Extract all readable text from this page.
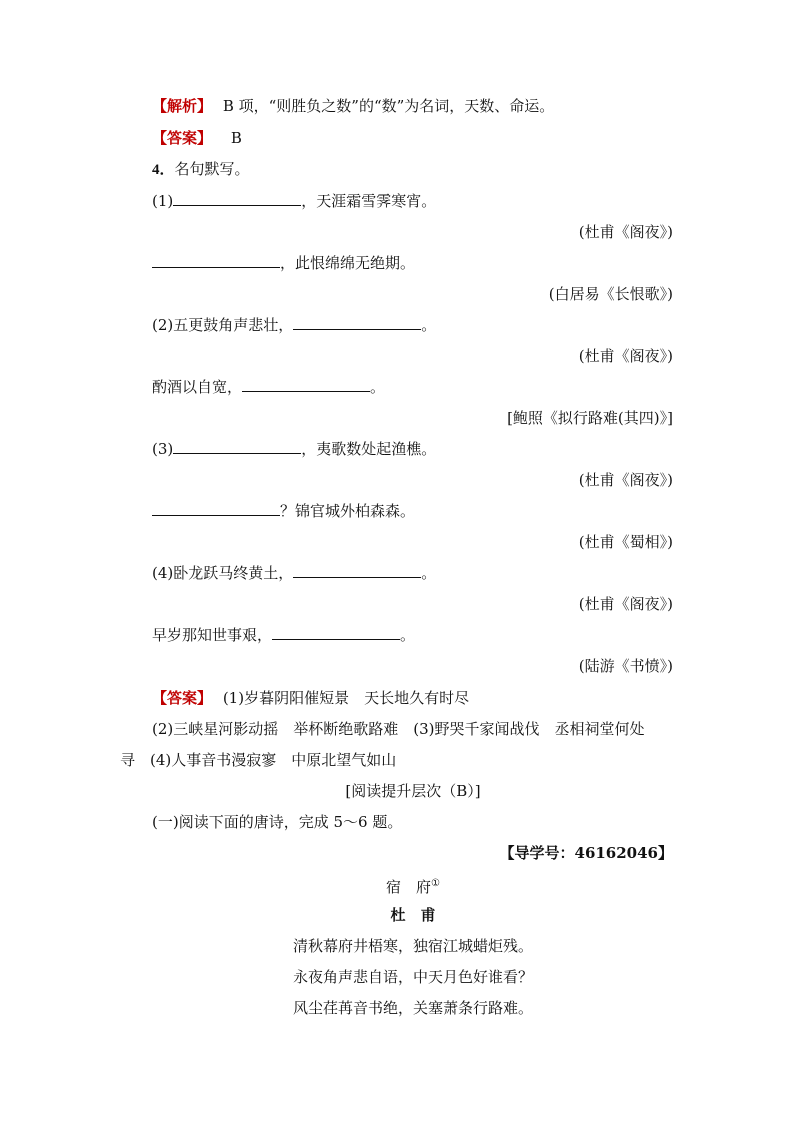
【解析】 B 项，“则胜负之数”的“数”为名词，天数、命运。
【答案】 B
4．名句默写。
(1)	，天涯霜雪霁寒宵。
(杜甫《阁夜》)
，此恨绵绵无绝期。
(白居易《长恨歌》)
(2)五更鼓角声悲壮，	。
(杜甫《阁夜》)
酌酒以自宽，	。
[鲍照《拟行路难(其四)》]
(3)	，夷歌数处起渔樵。
(杜甫《阁夜》)
？锦官城外柏森森。
(杜甫《蜀相》)
(4)卧龙跃马终黄土，	。
(杜甫《阁夜》)
早岁那知世事艰，	。
(陆游《书愤》)
【答案】 (1)岁暮阴阳催短景　天长地久有时尽
(2)三峡星河影动摇　举杯断绝歌路难　(3)野哭千家闻战伐　丞相祠堂何处
寻　(4)人事音书漫寂寥　中原北望气如山
[阅读提升层次（B）]
(一)阅读下面的唐诗，完成 5～6 题。
【导学号：46162046】
宿　府①
杜　甫
清秋幕府井梧寒，独宿江城蜡炬残。
永夜角声悲自语，中天月色好谁看？
风尘荏苒音书绝，关塞萧条行路难。
